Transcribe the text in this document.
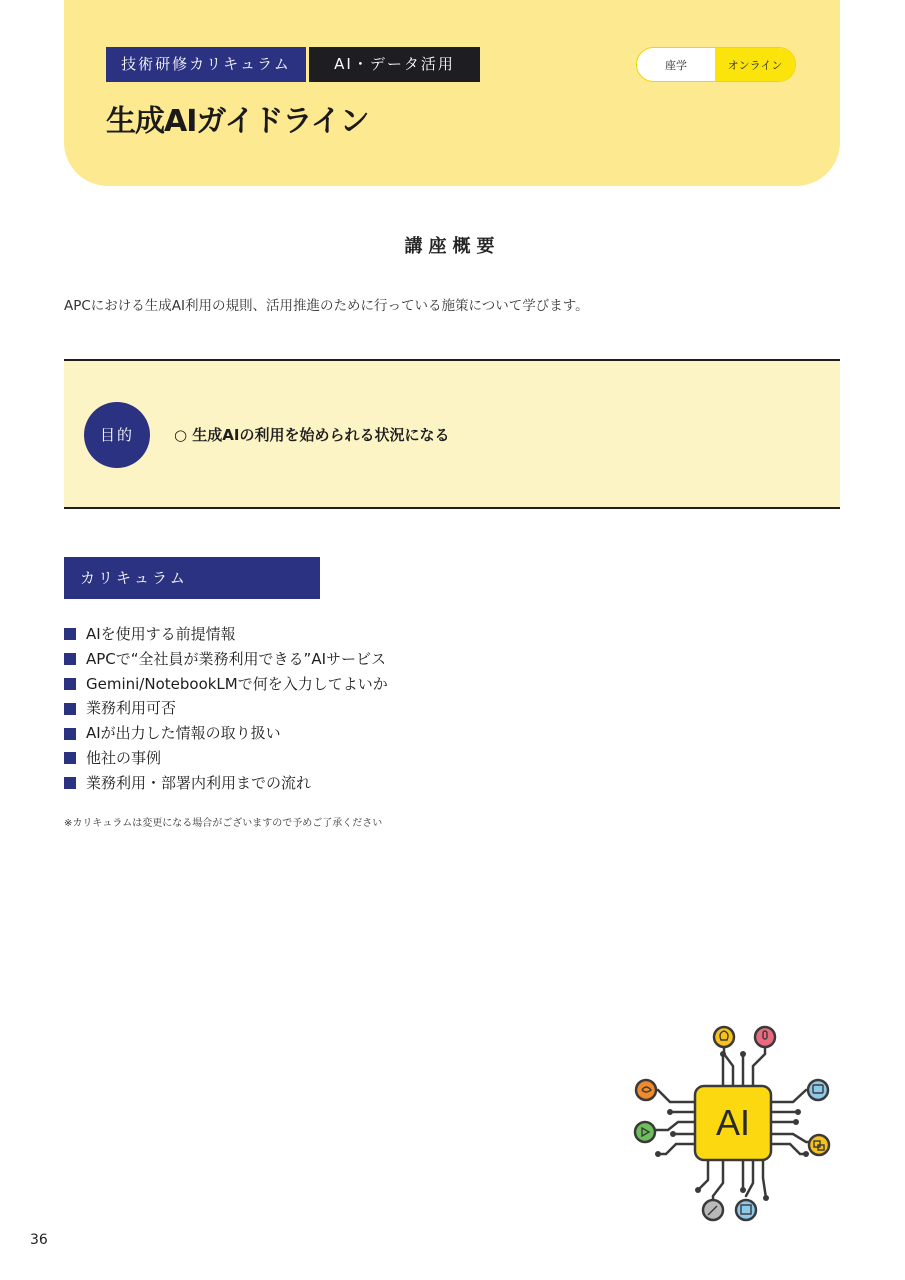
技術研修カリキュラム	AI・データ活用	座学	オンライン
生成AIガイドライン
講座概要
APCにおける生成AI利用の規則、活用推進のために行っている施策について学びます。
目的	○ 生成AIの利用を始められる状況になる
カリキュラム
AIを使用する前提情報
APCで“全社員が業務利用できる”AIサービス
Gemini/NotebookLMで何を入力してよいか
業務利用可否
AIが出力した情報の取り扱い
他社の事例
業務利用・部署内利用までの流れ
※カリキュラムは変更になる場合がございますので予めご了承ください
AI
36
